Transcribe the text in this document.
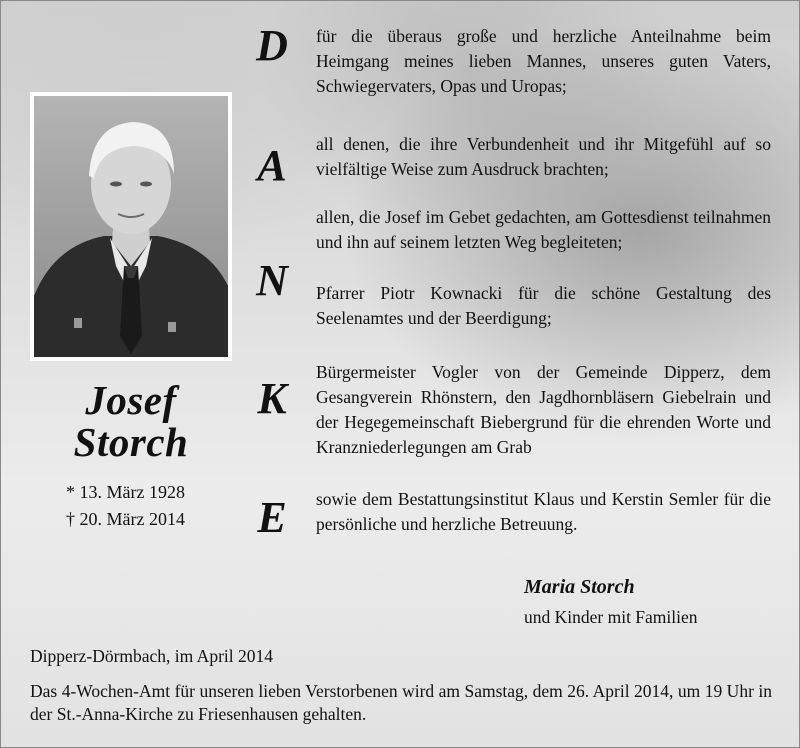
Josef
Storch
* 13. März 1928
† 20. März 2014
D
A
N
K
E
für die überaus große und herzliche Anteilnahme beim Heimgang meines lieben Mannes, unseres guten Vaters, Schwiegervaters, Opas und Uropas;
all denen, die ihre Verbundenheit und ihr Mitgefühl auf so vielfältige Weise zum Ausdruck brachten;
allen, die Josef im Gebet gedachten, am Gottesdienst teilnahmen und ihn auf seinem letzten Weg begleiteten;
Pfarrer Piotr Kownacki für die schöne Gestaltung des Seelenamtes und der Beerdigung;
Bürgermeister Vogler von der Gemeinde Dipperz, dem Gesangverein Rhönstern, den Jagdhornbläsern Giebelrain und der Hegegemeinschaft Biebergrund für die ehrenden Worte und Kranzniederlegungen am Grab
sowie dem Bestattungsinstitut Klaus und Kerstin Semler für die persönliche und herzliche Betreuung.
Maria Storch
und Kinder mit Familien
Dipperz-Dörmbach, im April 2014
Das 4-Wochen-Amt für unseren lieben Verstorbenen wird am Samstag, dem 26. April 2014, um 19 Uhr in der St.-Anna-Kirche zu Friesenhausen gehalten.
